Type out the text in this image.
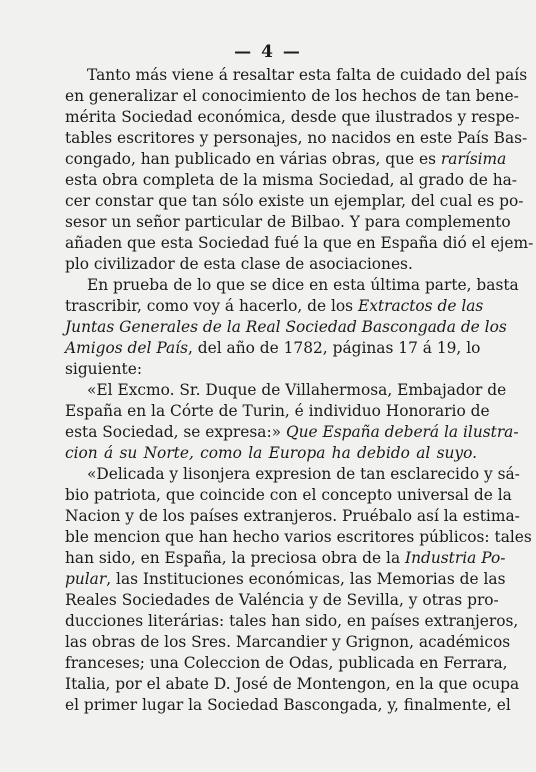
— 4 —
Tanto más viene á resaltar esta falta de cuidado del país
en generalizar el conocimiento de los hechos de tan bene-
mérita Sociedad económica, desde que ilustrados y respe-
tables escritores y personajes, no nacidos en este País Bas-
congado, han publicado en várias obras, que es rarísima
esta obra completa de la misma Sociedad, al grado de ha-
cer constar que tan sólo existe un ejemplar, del cual es po-
sesor un señor particular de Bilbao. Y para complemento
añaden que esta Sociedad fué la que en España dió el ejem-
plo civilizador de esta clase de asociaciones.
En prueba de lo que se dice en esta última parte, basta
trascribir, como voy á hacerlo, de los Extractos de las
Juntas Generales de la Real Sociedad Bascongada de los
Amigos del País, del año de 1782, páginas 17 á 19, lo
siguiente:
«El Excmo. Sr. Duque de Villahermosa, Embajador de
España en la Córte de Turin, é individuo Honorario de
esta Sociedad, se expresa:» Que España deberá la ilustra-
cion á su Norte, como la Europa ha debido al suyo.
«Delicada y lisonjera expresion de tan esclarecido y sá-
bio patriota, que coincide con el concepto universal de la
Nacion y de los países extranjeros. Pruébalo así la estima-
ble mencion que han hecho varios escritores públicos: tales
han sido, en España, la preciosa obra de la Industria Po-
pular, las Instituciones económicas, las Memorias de las
Reales Sociedades de Valéncia y de Sevilla, y otras pro-
ducciones literárias: tales han sido, en países extranjeros,
las obras de los Sres. Marcandier y Grignon, académicos
franceses; una Coleccion de Odas, publicada en Ferrara,
Italia, por el abate D. José de Montengon, en la que ocupa
el primer lugar la Sociedad Bascongada, y, finalmente, el
